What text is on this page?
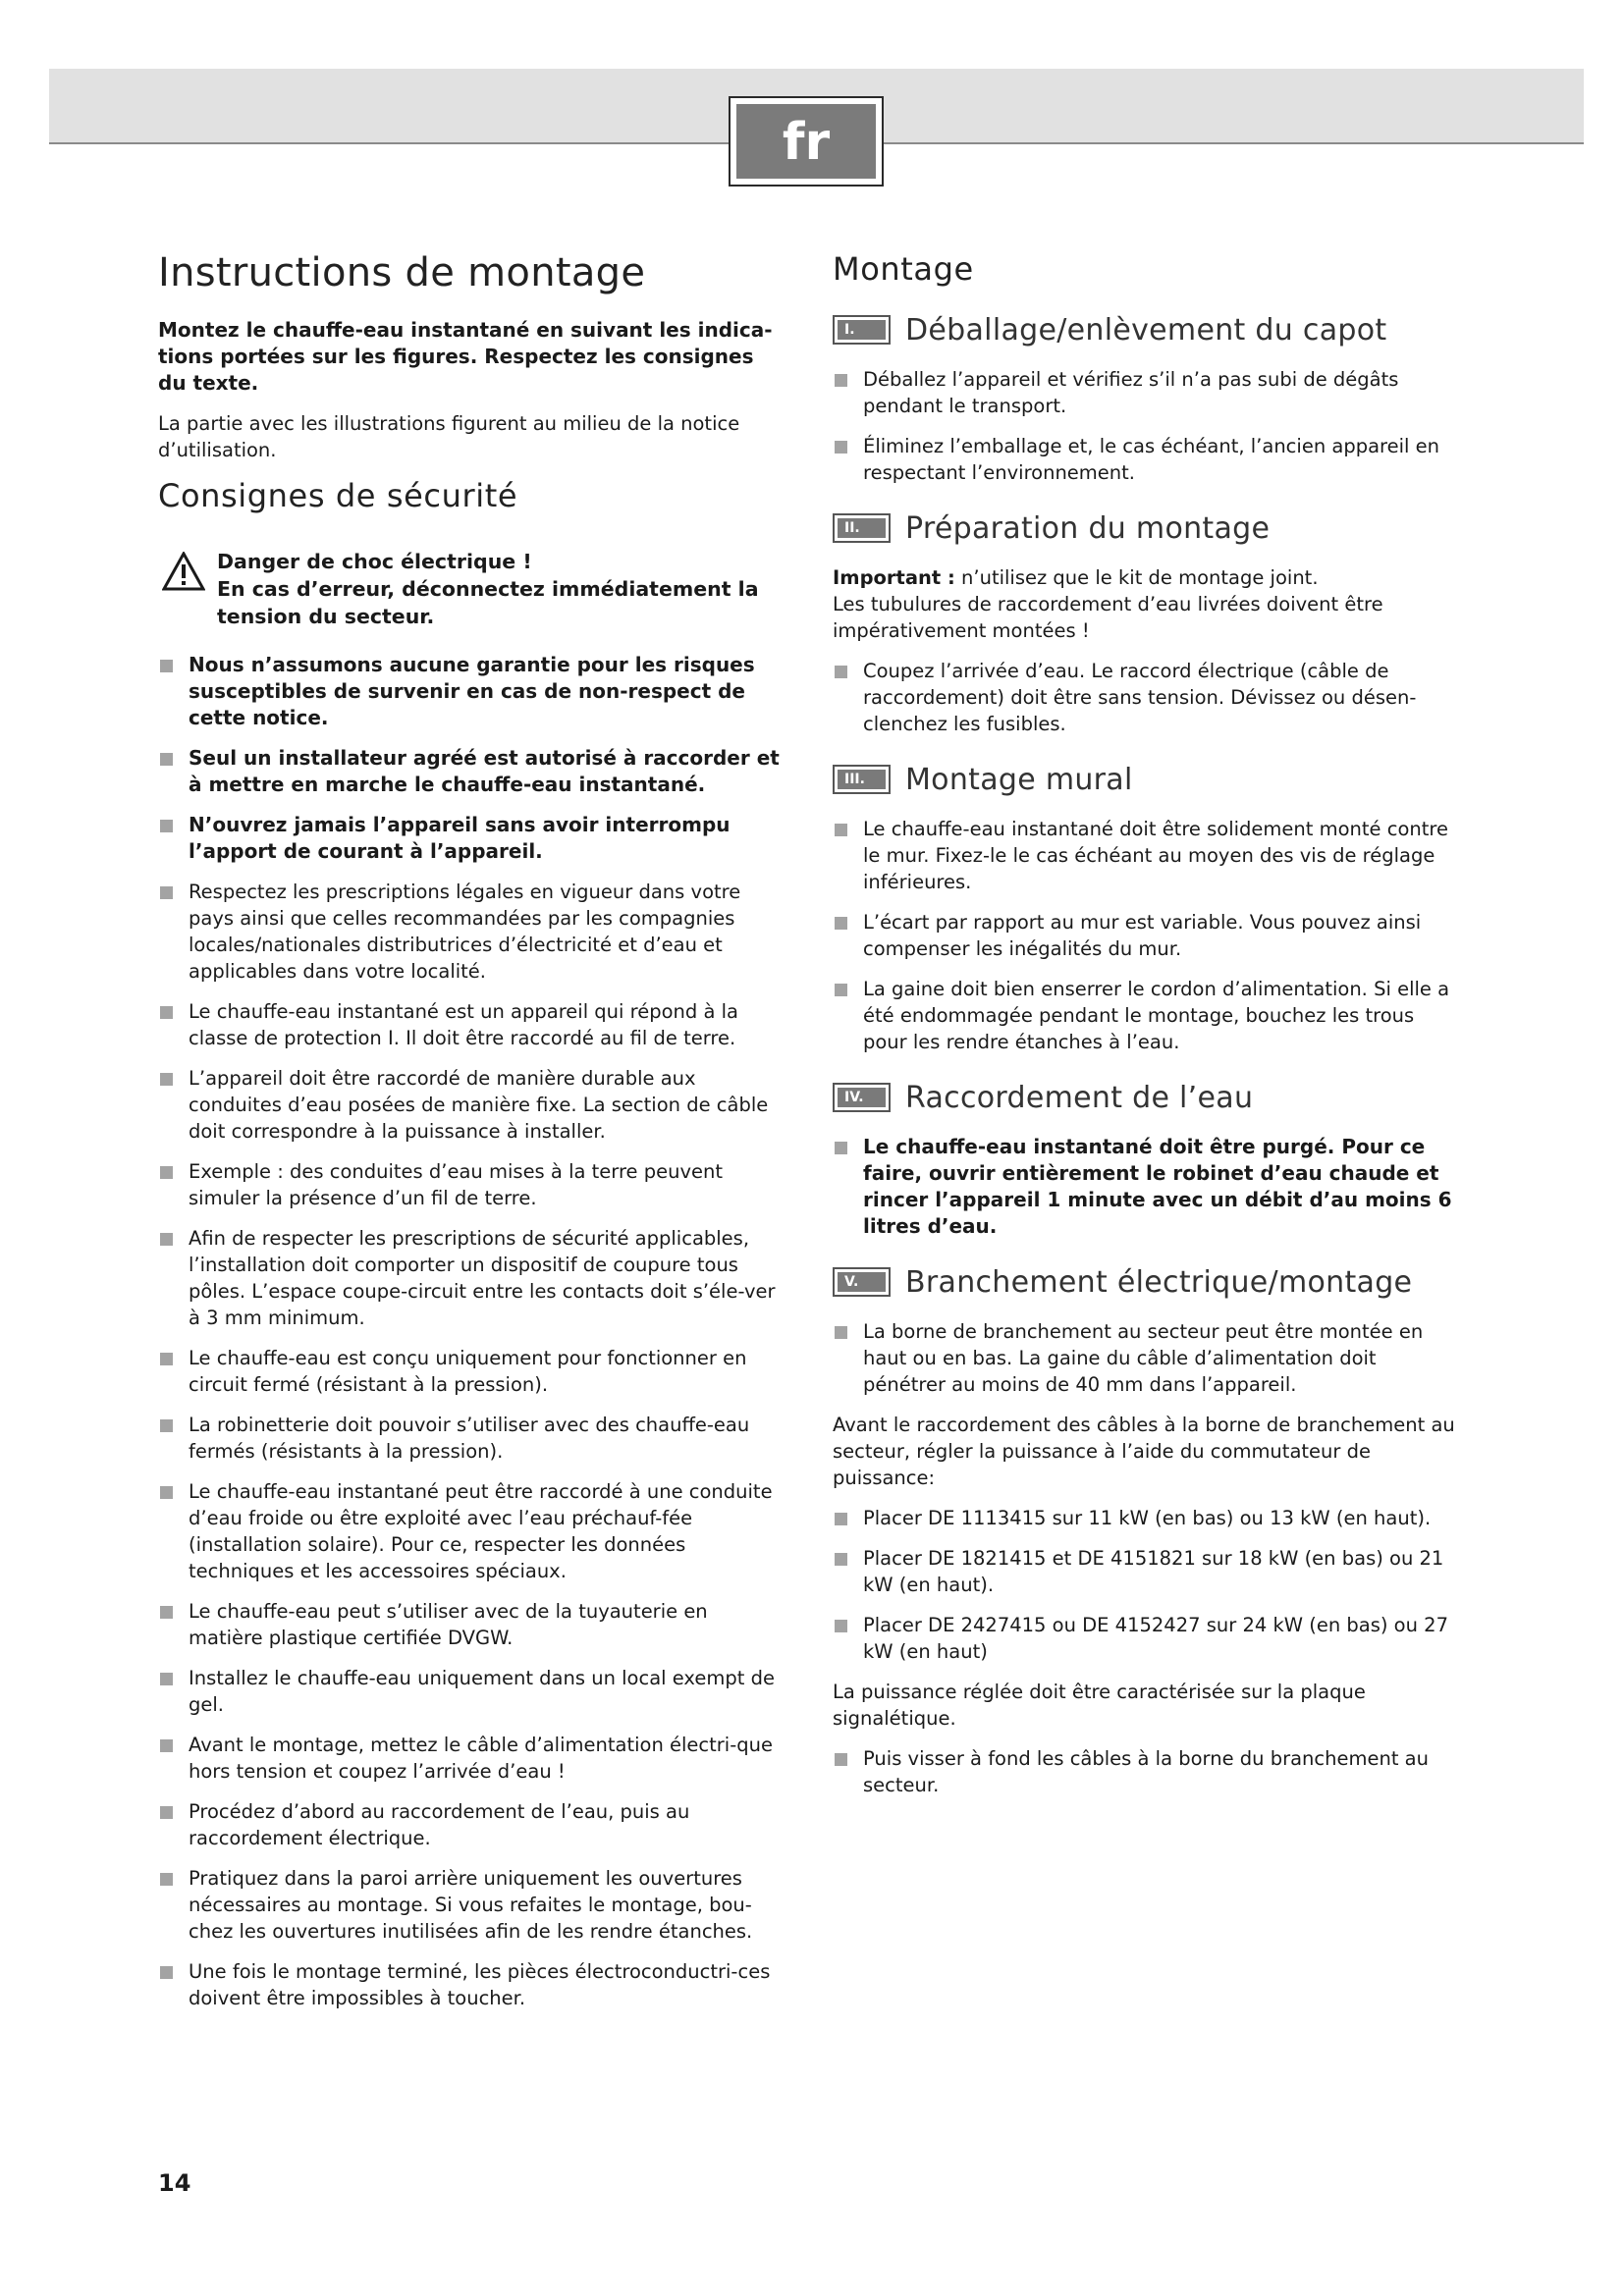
fr
Instructions de montage

Montez le chauffe-eau instantané en suivant les indica-tions portées sur les figures. Respectez les consignes du texte.

La partie avec les illustrations figurent au milieu de la notice d’utilisation.

Consignes de sécurité
Danger de choc électrique !
En cas d’erreur, déconnectez immédiatement la tension du secteur.
Nous n’assumons aucune garantie pour les risques susceptibles de survenir en cas de non-respect de cette notice.
Seul un installateur agréé est autorisé à raccorder et à mettre en marche le chauffe-eau instantané.
N’ouvrez jamais l’appareil sans avoir interrompu l’apport de courant à l’appareil.
Respectez les prescriptions légales en vigueur dans votre pays ainsi que celles recommandées par les compagnies locales/nationales distributrices d’électricité et d’eau et applicables dans votre localité.
Le chauffe-eau instantané est un appareil qui répond à la classe de protection I. Il doit être raccordé au fil de terre.
L’appareil doit être raccordé de manière durable aux conduites d’eau posées de manière fixe. La section de câble doit correspondre à la puissance à installer.
Exemple : des conduites d’eau mises à la terre peuvent simuler la présence d’un fil de terre.
Afin de respecter les prescriptions de sécurité applicables, l’installation doit comporter un dispositif de coupure tous pôles. L’espace coupe-circuit entre les contacts doit s’éle-ver à 3 mm minimum.
Le chauffe-eau est conçu uniquement pour fonctionner en circuit fermé (résistant à la pression).
La robinetterie doit pouvoir s’utiliser avec des chauffe-eau fermés (résistants à la pression).
Le chauffe-eau instantané peut être raccordé à une conduite d’eau froide ou être exploité avec l’eau préchauf-fée (installation solaire). Pour ce, respecter les données techniques et les accessoires spéciaux.
Le chauffe-eau peut s’utiliser avec de la tuyauterie en matière plastique certifiée DVGW.
Installez le chauffe-eau uniquement dans un local exempt de gel.
Avant le montage, mettez le câble d’alimentation électri-que hors tension et coupez l’arrivée d’eau !
Procédez d’abord au raccordement de l’eau, puis au raccordement électrique.
Pratiquez dans la paroi arrière uniquement les ouvertures nécessaires au montage. Si vous refaites le montage, bou-chez les ouvertures inutilisées afin de les rendre étanches.
Une fois le montage terminé, les pièces électroconductri-ces doivent être impossibles à toucher.
Montage
I.	Déballage/enlèvement du capot
Déballez l’appareil et vérifiez s’il n’a pas subi de dégâts pendant le transport.
Éliminez l’emballage et, le cas échéant, l’ancien appareil en respectant l’environnement.
II.	Préparation du montage

Important : n’utilisez que le kit de montage joint.

Les tubulures de raccordement d’eau livrées doivent être impérativement montées !

Coupez l’arrivée d’eau. Le raccord électrique (câble de raccordement) doit être sans tension. Dévissez ou désen-clenchez les fusibles.
III.	Montage mural
Le chauffe-eau instantané doit être solidement monté contre le mur. Fixez-le le cas échéant au moyen des vis de réglage inférieures.
L’écart par rapport au mur est variable. Vous pouvez ainsi compenser les inégalités du mur.
La gaine doit bien enserrer le cordon d’alimentation. Si elle a été endommagée pendant le montage, bouchez les trous pour les rendre étanches à l’eau.
IV.	Raccordement de l’eau
Le chauffe-eau instantané doit être purgé. Pour ce faire, ouvrir entièrement le robinet d’eau chaude et rincer l’appareil 1 minute avec un débit d’au moins 6 litres d’eau.
V.	Branchement électrique/montage
La borne de branchement au secteur peut être montée en haut ou en bas. La gaine du câble d’alimentation doit pénétrer au moins de 40 mm dans l’appareil.

Avant le raccordement des câbles à la borne de branchement au secteur, régler la puissance à l’aide du commutateur de puissance:

Placer DE 1113415 sur 11 kW (en bas) ou 13 kW (en haut).
Placer DE 1821415 et DE 4151821 sur 18 kW (en bas) ou 21 kW (en haut).
Placer DE 2427415 ou DE 4152427 sur 24 kW (en bas) ou 27 kW (en haut)

La puissance réglée doit être caractérisée sur la plaque signalétique.

Puis visser à fond les câbles à la borne du branchement au secteur.
14
